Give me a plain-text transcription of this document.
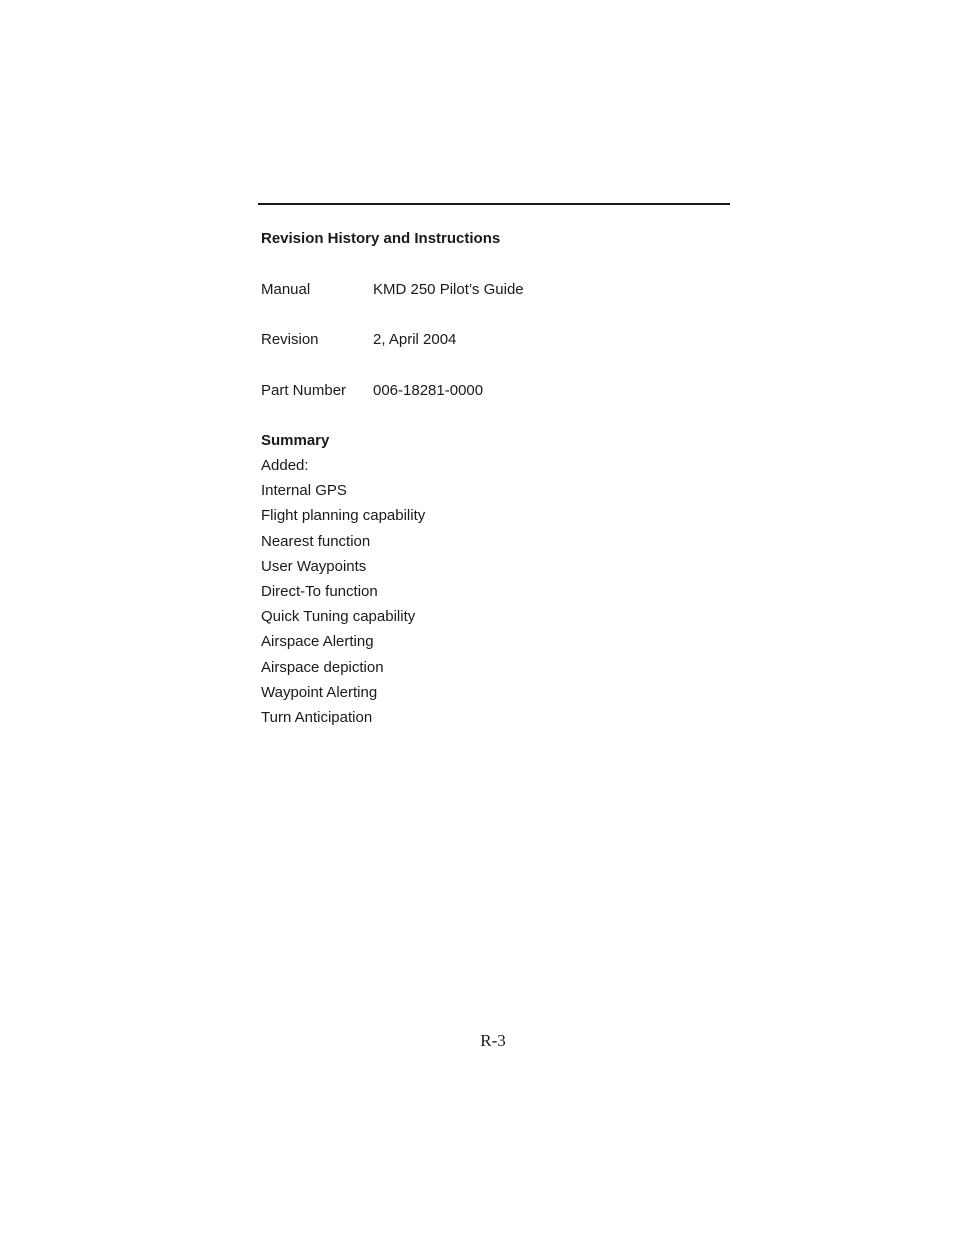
Revision History and Instructions
Manual	KMD 250 Pilot’s Guide
Revision	2, April 2004
Part Number 006-18281-0000
Summary
Added:
Internal GPS
Flight planning capability
Nearest function
User Waypoints
Direct-To function
Quick Tuning capability
Airspace Alerting
Airspace depiction
Waypoint Alerting
Turn Anticipation
R-3
